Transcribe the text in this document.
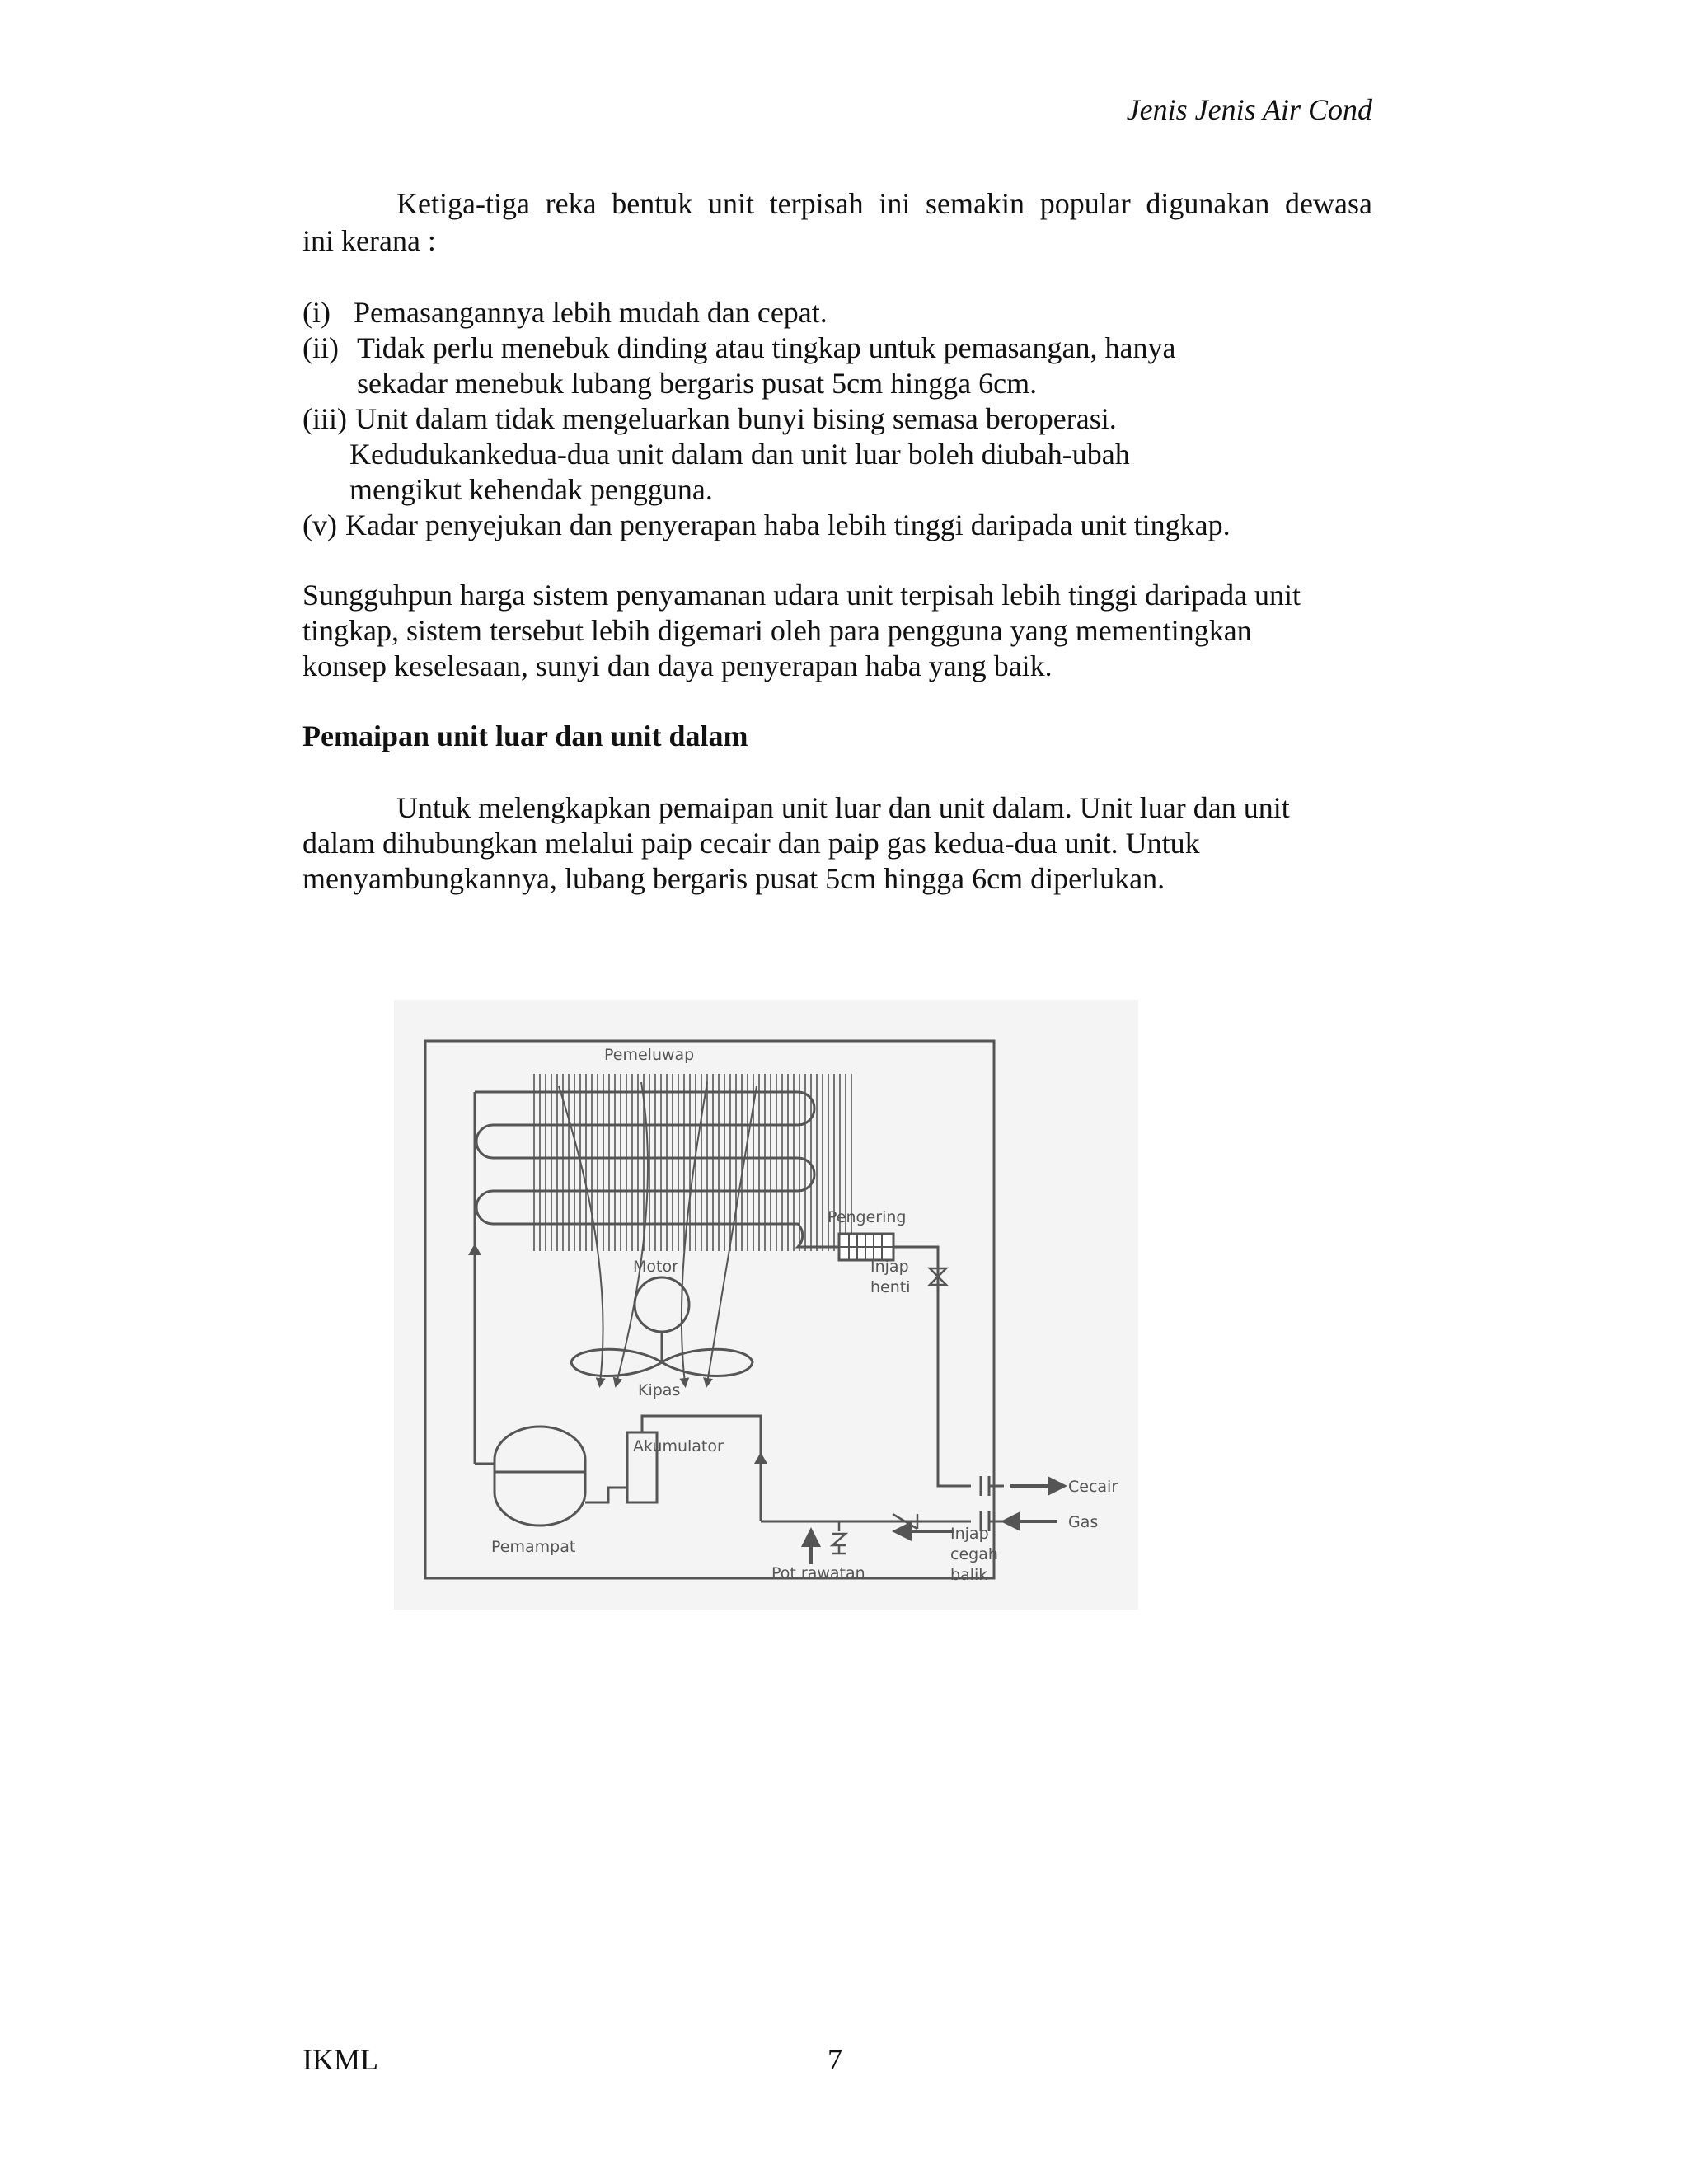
Jenis Jenis Air Cond
Ketiga-tiga reka bentuk unit terpisah ini semakin popular digunakan dewasa
ini kerana :
(i) Pemasangannya lebih mudah dan cepat.
(ii) Tidak perlu menebuk dinding atau tingkap untuk pemasangan, hanya
sekadar menebuk lubang bergaris pusat 5cm hingga 6cm.
(iii) Unit dalam tidak mengeluarkan bunyi bising semasa beroperasi.
Kedudukankedua-dua unit dalam dan unit luar boleh diubah-ubah
mengikut kehendak pengguna.
(v) Kadar penyejukan dan penyerapan haba lebih tinggi daripada unit tingkap.
Sungguhpun harga sistem penyamanan udara unit terpisah lebih tinggi daripada unit
tingkap, sistem tersebut lebih digemari oleh para pengguna yang mementingkan
konsep keselesaan, sunyi dan daya penyerapan haba yang baik.
Pemaipan unit luar dan unit dalam
Untuk melengkapkan pemaipan unit luar dan unit dalam. Unit luar dan unit
dalam dihubungkan melalui paip cecair dan paip gas kedua-dua unit. Untuk
menyambungkannya, lubang bergaris pusat 5cm hingga 6cm diperlukan.
Pemeluwap
Pengering
Motor	Injap
henti
Kipas
Akumulator
Cecair
Gas
Pemampat
Injap
cegah
balik
Pot rawatan
IKML	7
